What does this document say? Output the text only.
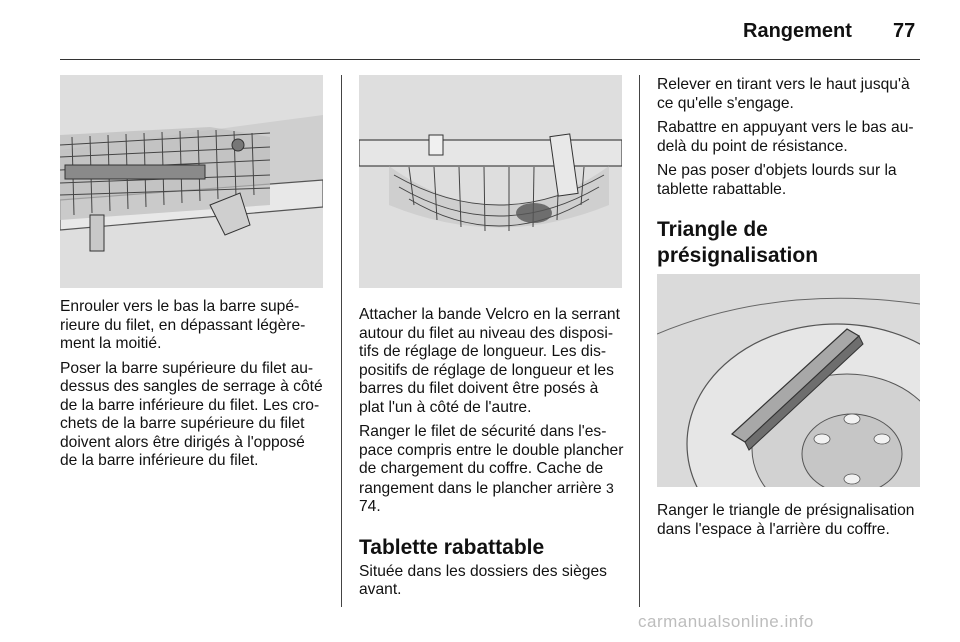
Rangement 77

Enrouler vers le bas la barre supérieure du filet, en dépassant légèrement la moitié.

Poser la barre supérieure du filet au-dessus des sangles de serrage à côté de la barre inférieure du filet. Les crochets de la barre supérieure du filet doivent alors être dirigés à l'opposé de la barre inférieure du filet.

Attacher la bande Velcro en la serrant autour du filet au niveau des dispositifs de réglage de longueur. Les dispositifs de réglage de longueur et les barres du filet doivent être posés à plat l'un à côté de l'autre.

Ranger le filet de sécurité dans l'espace compris entre le double plancher de chargement du coffre. Cache de rangement dans le plancher arrière 3 74.

Tablette rabattable

Située dans les dossiers des sièges avant.

Relever en tirant vers le haut jusqu'à ce qu'elle s'engage.

Rabattre en appuyant vers le bas au-delà du point de résistance.

Ne pas poser d'objets lourds sur la tablette rabattable.

Triangle de présignalisation

Ranger le triangle de présignalisation dans l'espace à l'arrière du coffre.

carmanualsonline.info
